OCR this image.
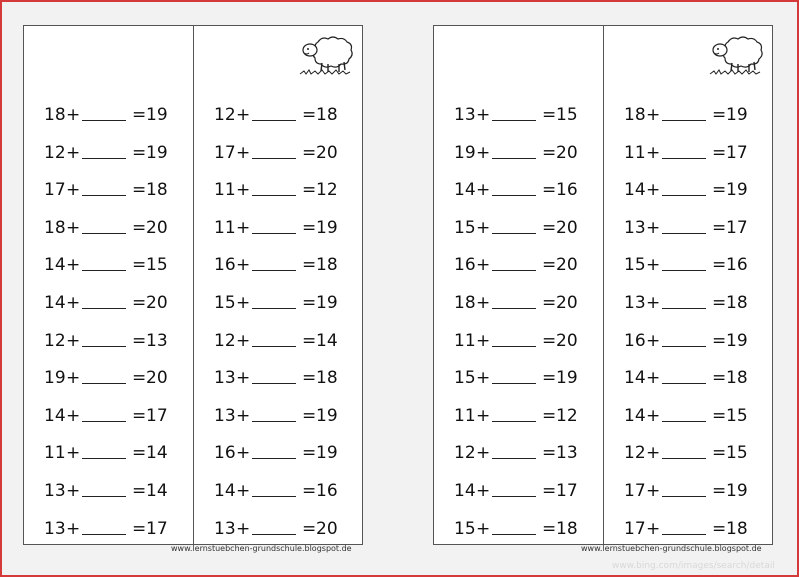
18 +	= 19
12 +	= 19
17 +	= 18
18 +	= 20
14 +	= 15
14 +	= 20
12 +	= 13
19 +	= 20
14 +	= 17
11 +	= 14
13 +	= 14
13 +	= 17
12 +	= 18
17 +	= 20
11 +	= 12
11 +	= 19
16 +	= 18
15 +	= 19
12 +	= 14
13 +	= 18
13 +	= 19
16 +	= 19
14 +	= 16
13 +	= 20
13 +	= 15
19 +	= 20
14 +	= 16
15 +	= 20
16 +	= 20
18 +	= 20
11 +	= 20
15 +	= 19
11 +	= 12
12 +	= 13
14 +	= 17
15 +	= 18
18 +	= 19
11 +	= 17
14 +	= 19
13 +	= 17
15 +	= 16
13 +	= 18
16 +	= 19
14 +	= 18
14 +	= 15
12 +	= 15
17 +	= 19
17 +	= 18
www.lernstuebchen-grundschule.blogspot.de	www.lernstuebchen-grundschule.blogspot.de
www.bing.com/images/search/detail
